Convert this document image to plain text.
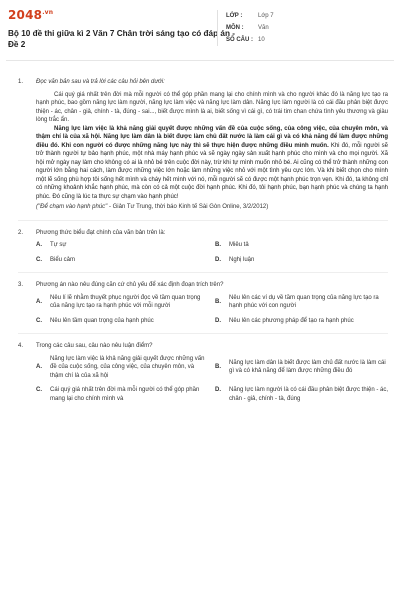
$2048^{.vn}$
Bộ 10 đề thi giữa kì 2 Văn 7 Chân trời sáng tạo có đáp án - Đề 2
LỚP :	Lớp 7
MÔN :	Văn
SỐ CÂU : 10
1.	Đọc văn bản sau và trả lời các câu hỏi bên dưới:

Cái quý giá nhất trên đời mà mỗi người có thể góp phần mang lại cho chính mình và cho người khác đó là năng lực tạo ra hạnh phúc, bao gồm năng lực làm người, năng lực làm việc và năng lực làm dân. Năng lực làm người là có cái đầu phân biệt được thiện - ác, chân - giả, chính - tà, đúng - sai..., biết được mình là ai, biết sống vì cái gì, có trái tim chan chứa tình yêu thương và giàu lòng trắc ẩn.

Năng lực làm việc là khả năng giải quyết được những vấn đề của cuộc sống, của công việc, của chuyên môn, và thậm chí là của xã hội. Năng lực làm dân là biết được làm chủ đất nước là làm cái gì và có khả năng để làm được những điều đó. Khi con người có được những năng lực này thì sẽ thực hiện được những điều mình muốn. Khi đó, mỗi người sẽ trở thành người tự bảo hạnh phúc, một nhà máy hạnh phúc và sẽ ngày ngày sản xuất hạnh phúc cho mình và cho mọi người. Xã hội mở ngày nay làm cho không có ai là nhỏ bé trên cuộc đời này, trừ khi tự mình muốn nhỏ bé. Ai cũng có thể trở thành những con người lớn bằng hai cách, làm được những việc lớn hoặc làm những việc nhỏ với một tình yêu cực lớn. Và khi biết chọn cho mình một lẽ sống phù hợp tôi sống hết mình và cháy hết mình với nó, mỗi người sẽ có được một hạnh phúc trọn vẹn. Khi đó, ta không chỉ có những khoảnh khắc hạnh phúc, mà còn có cả một cuộc đời hạnh phúc. Khi đó, tôi hạnh phúc, bạn hạnh phúc và chúng ta hạnh phúc. Đó cũng là lúc ta thực sự chạm vào hạnh phúc!

("Để chạm vào hạnh phúc" - Giản Tư Trung, thời báo Kinh tế Sài Gòn Online, 3/2/2012)
2.	Phương thức biểu đạt chính của văn bản trên là:
A.	Tự sự	B.	Miêu tả
C.	Biểu cảm	D.	Nghị luận
3.	Phương án nào nêu đúng căn cứ chủ yếu để xác định đoạn trích trên?
A.
Nêu lí lẽ nhằm thuyết phục người đọc về tầm quan trọng của năng lực tạo ra hạnh phúc với mỗi người
B.
Nêu lên các ví dụ về tầm quan trọng của năng lực tạo ra hạnh phúc với con người
C.	Nêu lên tầm quan trọng của hạnh phúc	D.	Nêu lên các phương pháp để tạo ra hạnh phúc
4.	Trong các câu sau, câu nào nêu luận điểm?
A.
Năng lực làm việc là khả năng giải quyết được những vấn đề của cuộc sống, của công việc, của chuyên môn, và thậm chí là của xã hội
B.
Năng lực làm dân là biết được làm chủ đất nước là làm cái gì và có khả năng để làm được những điều đó
C.	Cái quý giá nhất trên đời mà mỗi người có thể góp phần mang lại cho chính mình và
D.	Năng lực làm người là có cái đầu phân biệt được thiện - ác, chân - giả, chính - tà, đúng
